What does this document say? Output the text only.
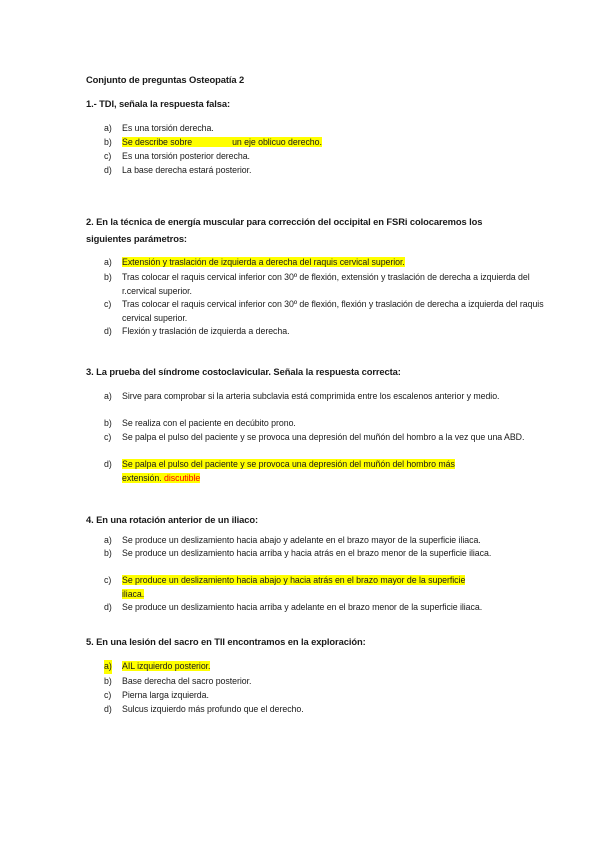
Conjunto de preguntas Osteopatía 2
1.- TDI, señala la respuesta falsa:
a) Es una torsión derecha.
b) Se describe sobre	un eje oblicuo derecho.
c) Es una torsión posterior derecha.
d) La base derecha estará posterior.
2. En la técnica de energía muscular para corrección del occipital en FSRi colocaremos los
siguientes parámetros:
a) Extensión y traslación de izquierda a derecha del raquis cervical superior.
b) Tras colocar el raquis cervical inferior con 30º de flexión, extensión y traslación de derecha a izquierda del r.cervical superior.
c) Tras colocar el raquis cervical inferior con 30º de flexión, flexión y traslación de derecha a izquierda del raquis cervical superior.
d) Flexión y traslación de izquierda a derecha.
3. La prueba del síndrome costoclavicular. Señala la respuesta correcta:
a) Sirve para comprobar si la arteria subclavia está comprimida entre los escalenos anterior y medio.
b) Se realiza con el paciente en decúbito prono.
c) Se palpa el pulso del paciente y se provoca una depresión del muñón del hombro a la vez que una ABD.
d) Se palpa el pulso del paciente y se provoca una depresión del muñón del hombro más
extensión. discutible
4. En una rotación anterior de un iliaco:
a) Se produce un deslizamiento hacia abajo y adelante en el brazo mayor de la superficie iliaca.
b) Se produce un deslizamiento hacia arriba y hacia atrás en el brazo menor de la superficie iliaca.
c) Se produce un deslizamiento hacia abajo y hacia atrás en el brazo mayor de la superficie
iliaca.
d) Se produce un deslizamiento hacia arriba y adelante en el brazo menor de la superficie iliaca.
5. En una lesión del sacro en TII encontramos en la exploración:
a) AIL izquierdo posterior.
b) Base derecha del sacro posterior.
c) Pierna larga izquierda.
d) Sulcus izquierdo más profundo que el derecho.
